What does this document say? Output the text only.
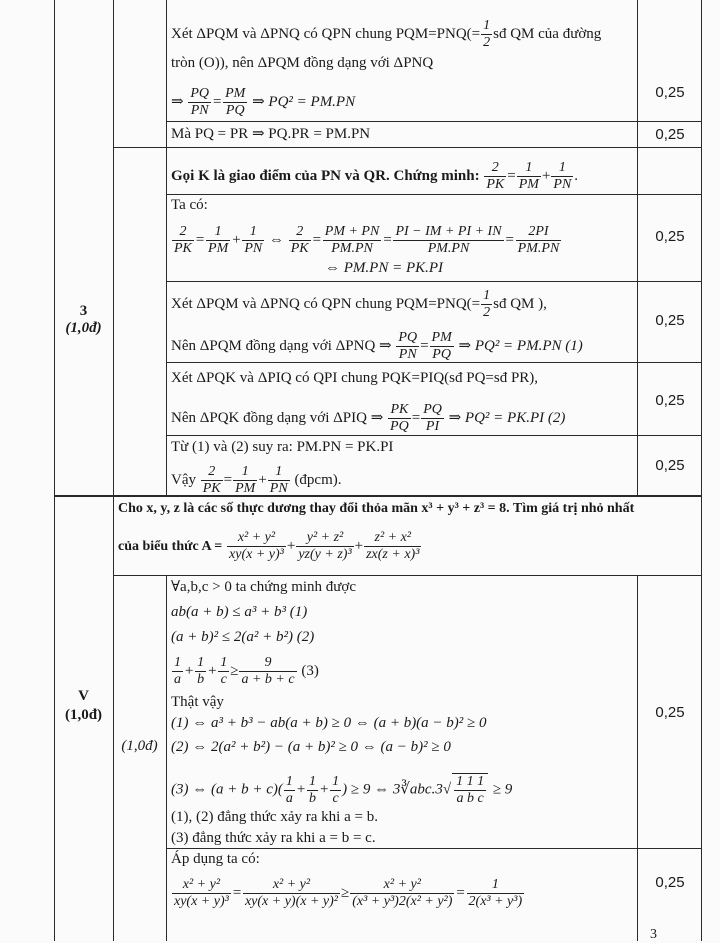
Xét ΔPQM và ΔPNQ có QPN chung $PQM=PNQ(= \frac{1}{2}$ sđ QM của đường
tròn (O)), nên ΔPQM đồng dạng với ΔPNQ
⇒ $\frac{PQ}{PN} = \frac{PM}{PQ}$ ⇒ PQ² = PM.PN
0,25
Mà PQ = PR ⇒ PQ.PR = PM.PN	0,25
Gọi K là giao điểm của PN và QR. Chứng minh: $\frac{2}{PK} = \frac{1}{PM} + \frac{1}{PN}$ .
Ta có:
$\frac{2}{PK} = \frac{1}{PM} + \frac{1}{PN}$ ⇔ $\frac{2}{PK} = \frac{PM + PN}{PM.PN} = \frac{PI - IM + PI + IN}{PM.PN} = \frac{2PI}{PM.PN}$
⇔ PM.PN = PK.PI
0,25
3
(1,0đ)
Xét ΔPQM và ΔPNQ có QPN chung $PQM=PNQ(= \frac{1}{2}$ sđ QM ),
Nên ΔPQM đồng dạng với ΔPNQ ⇒ $\frac{PQ}{PN} = \frac{PM}{PQ}$ ⇒ PQ² = PM.PN (1)
0,25
Xét ΔPQK và ΔPIQ có QPI chung PQK=PIQ(sđ PQ=sđ PR),
Nên ΔPQK đồng dạng với ΔPIQ ⇒ $\frac{PK}{PQ} = \frac{PQ}{PI}$ ⇒ PQ² = PK.PI (2)
0,25
Từ (1) và (2) suy ra: PM.PN = PK.PI
Vậy $\frac{2}{PK} = \frac{1}{PM} + \frac{1}{PN}$ (đpcm).
0,25
Cho x, y, z là các số thực dương thay đổi thỏa mãn x³ + y³ + z³ = 8. Tìm giá trị nhỏ nhất
của biểu thức $A = \frac{\text{x² + y²}}{\text{xy(x + y)³}} + \frac{\text{y² + z²}}{\text{yz(y + z)³}} + \frac{\text{z² + x²}}{\text{zx(z + x)³}}$
V
(1,0đ)
(1,0đ)
∀a,b,c > 0 ta chứng minh được
ab(a + b) ≤ a³ + b³ (1)
(a + b)² ≤ 2(a² + b²) (2)
$\frac{1}{a} + \frac{1}{b} + \frac{1}{c} \ge \frac{9}{a + b + c} (3)$
Thật vậy
(1) ⇔ a³ + b³ − ab(a + b) ≥ 0 ⇔ (a + b)(a − b)² ≥ 0
(2) ⇔ 2(a² + b²) − (a + b)² ≥ 0 ⇔ (a − b)² ≥ 0
(3) ⇔ $(a + b + c)( \frac{1}{a} + \frac{1}{b} + \frac{1}{c}$ ) ≥ 9 ⇔ 3∛abc.3√ $\frac{1 1 1}{\text{a b c}} \ge 9$
(1), (2) đẳng thức xảy ra khi a = b.
(3) đẳng thức xảy ra khi a = b = c.
0,25
Áp dụng ta có:
$\frac{\text{x² + y²}}{\text{xy(x + y)³}} = \frac{\text{x² + y²}}{\text{xy(x + y)(x + y)²}} \ge \frac{\text{x² + y²}}{\text{(x³ + y³)2(x² + y²)}} = \frac{1}{\text{2(x³ + y³)}}$	0,25
3
